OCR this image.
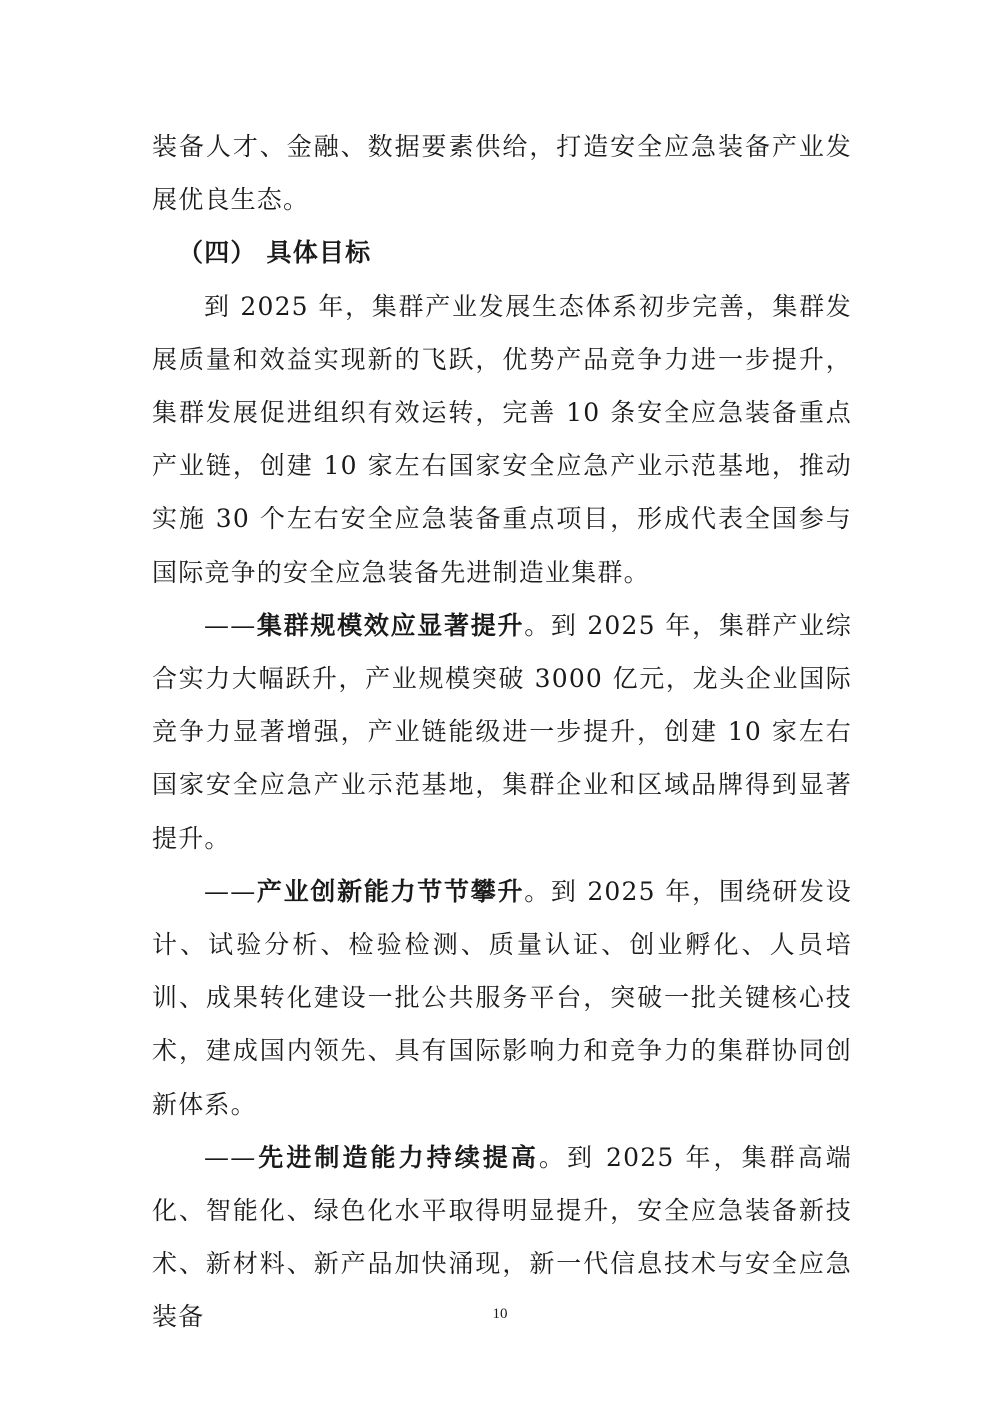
装备人才、金融、数据要素供给，打造安全应急装备产业发展优良生态。

（四） 具体目标

到 2025 年，集群产业发展生态体系初步完善，集群发展质量和效益实现新的飞跃，优势产品竞争力进一步提升，集群发展促进组织有效运转，完善 10 条安全应急装备重点产业链，创建 10 家左右国家安全应急产业示范基地，推动实施 30 个左右安全应急装备重点项目，形成代表全国参与国际竞争的安全应急装备先进制造业集群。

——集群规模效应显著提升。到 2025 年，集群产业综合实力大幅跃升，产业规模突破 3000 亿元，龙头企业国际竞争力显著增强，产业链能级进一步提升，创建 10 家左右国家安全应急产业示范基地，集群企业和区域品牌得到显著提升。

——产业创新能力节节攀升。到 2025 年，围绕研发设计、试验分析、检验检测、质量认证、创业孵化、人员培训、成果转化建设一批公共服务平台，突破一批关键核心技术，建成国内领先、具有国际影响力和竞争力的集群协同创新体系。

——先进制造能力持续提高。到 2025 年，集群高端化、智能化、绿色化水平取得明显提升，安全应急装备新技术、新材料、新产品加快涌现，新一代信息技术与安全应急装备	10
